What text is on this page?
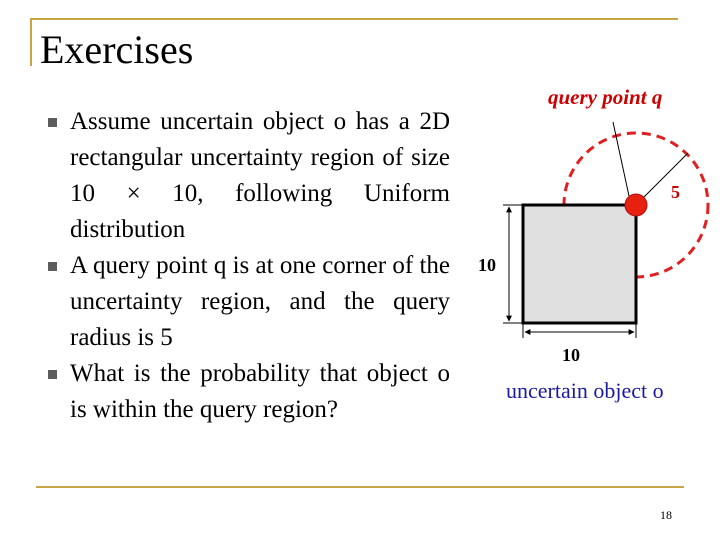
Exercises
Assume uncertain object o has a 2D rectangular uncertainty region of size 10 × 10, following Uniform distribution
A query point q is at one corner of the uncertainty region, and the query radius is 5
What is the probability that object o is within the query region?
query point q
5
10
10
uncertain object o
18
